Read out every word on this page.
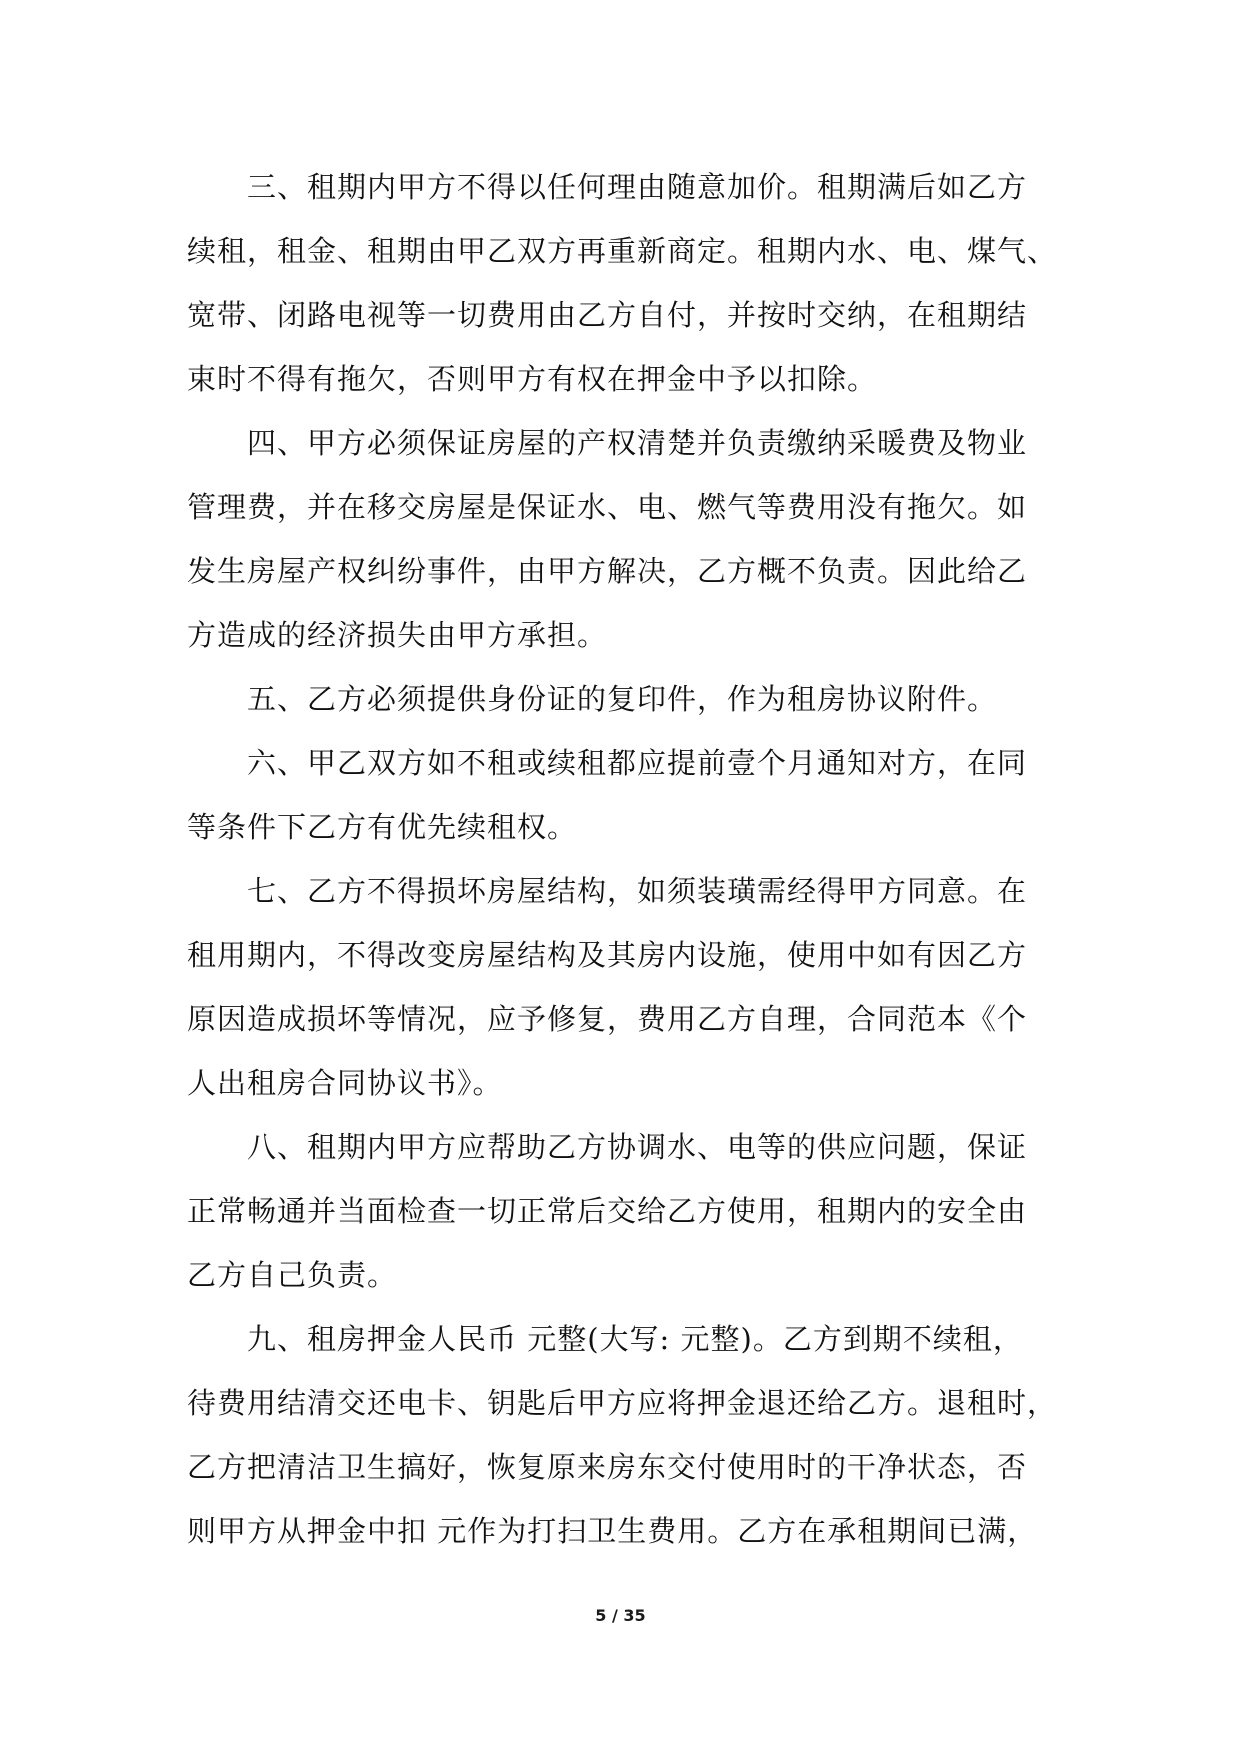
三、租期内甲方不得以任何理由随意加价。租期满后如乙方
续租，租金、租期由甲乙双方再重新商定。租期内水、电、煤气、
宽带、闭路电视等一切费用由乙方自付，并按时交纳，在租期结
束时不得有拖欠，否则甲方有权在押金中予以扣除。

四、甲方必须保证房屋的产权清楚并负责缴纳采暖费及物业
管理费，并在移交房屋是保证水、电、燃气等费用没有拖欠。如
发生房屋产权纠纷事件，由甲方解决，乙方概不负责。因此给乙
方造成的经济损失由甲方承担。

五、乙方必须提供身份证的复印件，作为租房协议附件。

六、甲乙双方如不租或续租都应提前壹个月通知对方，在同
等条件下乙方有优先续租权。

七、乙方不得损坏房屋结构，如须装璜需经得甲方同意。在
租用期内，不得改变房屋结构及其房内设施，使用中如有因乙方
原因造成损坏等情况，应予修复，费用乙方自理，合同范本《个
人出租房合同协议书》。

八、租期内甲方应帮助乙方协调水、电等的供应问题，保证
正常畅通并当面检查一切正常后交给乙方使用，租期内的安全由
乙方自己负责。

九、租房押金人民币 元整(大写: 元整)。乙方到期不续租，
待费用结清交还电卡、钥匙后甲方应将押金退还给乙方。退租时，
乙方把清洁卫生搞好，恢复原来房东交付使用时的干净状态，否
则甲方从押金中扣 元作为打扫卫生费用。乙方在承租期间已满，

5 / 35
